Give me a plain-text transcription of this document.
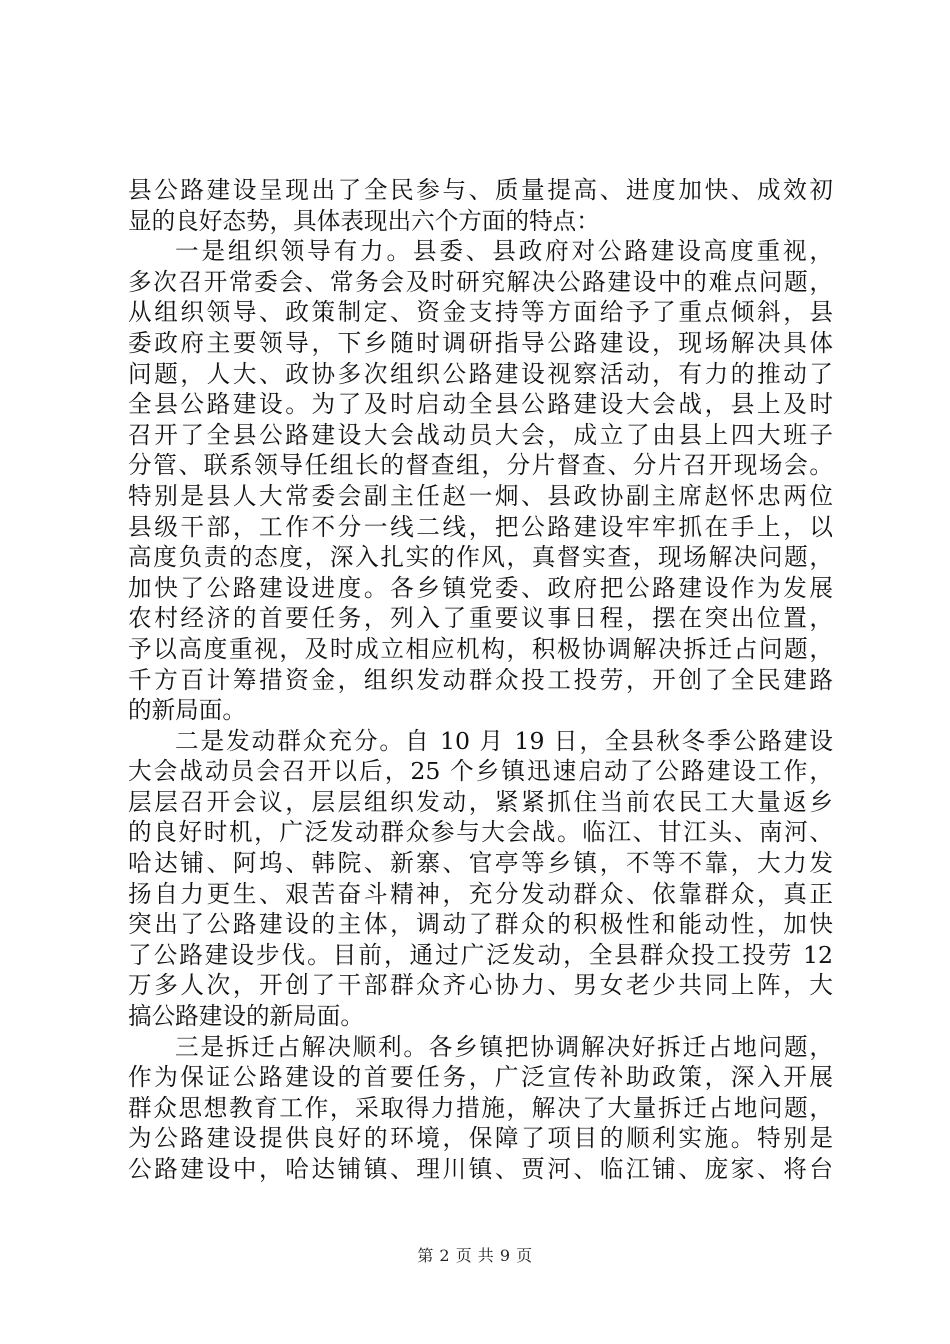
县公路建设呈现出了全民参与、质量提高、进度加快、成效初
显的良好态势，具体表现出六个方面的特点：
一是组织领导有力。县委、县政府对公路建设高度重视，
多次召开常委会、常务会及时研究解决公路建设中的难点问题，
从组织领导、政策制定、资金支持等方面给予了重点倾斜，县
委政府主要领导，下乡随时调研指导公路建设，现场解决具体
问题，人大、政协多次组织公路建设视察活动，有力的推动了
全县公路建设。为了及时启动全县公路建设大会战，县上及时
召开了全县公路建设大会战动员大会，成立了由县上四大班子
分管、联系领导任组长的督查组，分片督查、分片召开现场会。
特别是县人大常委会副主任赵一炯、县政协副主席赵怀忠两位
县级干部，工作不分一线二线，把公路建设牢牢抓在手上，以
高度负责的态度，深入扎实的作风，真督实查，现场解决问题，
加快了公路建设进度。各乡镇党委、政府把公路建设作为发展
农村经济的首要任务，列入了重要议事日程，摆在突出位置，
予以高度重视，及时成立相应机构，积极协调解决拆迁占问题，
千方百计筹措资金，组织发动群众投工投劳，开创了全民建路
的新局面。
二是发动群众充分。自 10 月 19 日，全县秋冬季公路建设
大会战动员会召开以后，25 个乡镇迅速启动了公路建设工作，
层层召开会议，层层组织发动，紧紧抓住当前农民工大量返乡
的良好时机，广泛发动群众参与大会战。临江、甘江头、南河、
哈达铺、阿坞、韩院、新寨、官亭等乡镇，不等不靠，大力发
扬自力更生、艰苦奋斗精神，充分发动群众、依靠群众，真正
突出了公路建设的主体，调动了群众的积极性和能动性，加快
了公路建设步伐。目前，通过广泛发动，全县群众投工投劳 12
万多人次，开创了干部群众齐心协力、男女老少共同上阵，大
搞公路建设的新局面。
三是拆迁占解决顺利。各乡镇把协调解决好拆迁占地问题，
作为保证公路建设的首要任务，广泛宣传补助政策，深入开展
群众思想教育工作，采取得力措施，解决了大量拆迁占地问题，
为公路建设提供良好的环境，保障了项目的顺利实施。特别是
公路建设中，哈达铺镇、理川镇、贾河、临江铺、庞家、将台
第 2 页 共 9 页
